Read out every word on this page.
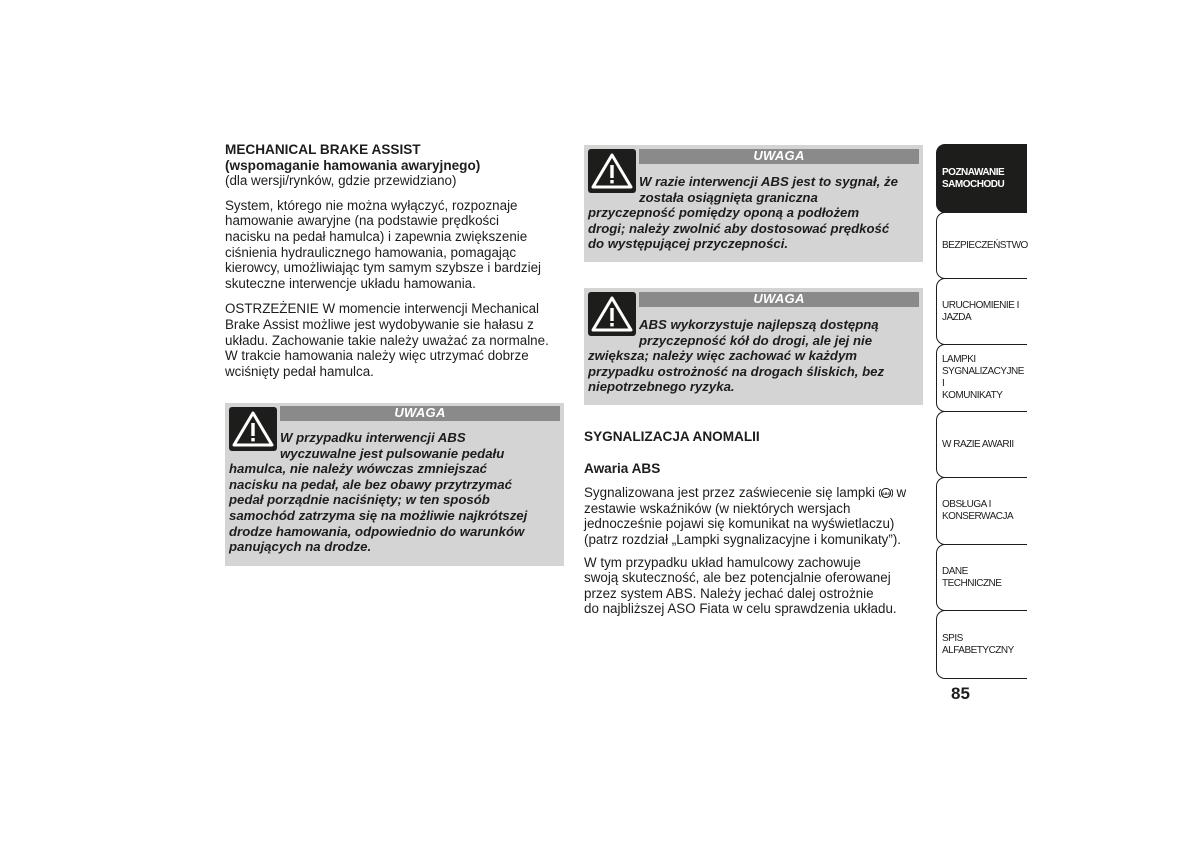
MECHANICAL BRAKE ASSIST

(wspomaganie hamowania awaryjnego)

(dla wersji/rynków, gdzie przewidziano)

System, którego nie można wyłączyć, rozpoznaje

hamowanie awaryjne (na podstawie prędkości

nacisku na pedał hamulca) i zapewnia zwiększenie

ciśnienia hydraulicznego hamowania, pomagając

kierowcy, umożliwiając tym samym szybsze i bardziej

skuteczne interwencje układu hamowania.

OSTRZEŻENIE W momencie interwencji Mechanical

Brake Assist możliwe jest wydobywanie sie hałasu z

układu. Zachowanie takie należy uważać za normalne.

W trakcie hamowania należy więc utrzymać dobrze

wciśnięty pedał hamulca.

UWAGA
W przypadku interwencji ABS
wyczuwalne jest pulsowanie pedału
hamulca, nie należy wówczas zmniejszać
nacisku na pedał, ale bez obawy przytrzymać
pedał porządnie naciśnięty; w ten sposób
samochód zatrzyma się na możliwie najkrótszej
drodze hamowania, odpowiednio do warunków
panujących na drodze.
UWAGA
W razie interwencji ABS jest to sygnał, że
została osiągnięta graniczna
przyczepność pomiędzy oponą a podłożem
drogi; należy zwolnić aby dostosować prędkość
do występującej przyczepności.
UWAGA
ABS wykorzystuje najlepszą dostępną
przyczepność kół do drogi, ale jej nie
zwiększa; należy więc zachować w każdym
przypadku ostrożność na drogach śliskich, bez
niepotrzebnego ryzyka.

SYGNALIZACJA ANOMALII

Awaria ABS

Sygnalizowana jest przez zaświecenie się lampki ABS w

zestawie wskaźników (w niektórych wersjach

jednocześnie pojawi się komunikat na wyświetlaczu)

(patrz rozdział „Lampki sygnalizacyjne i komunikaty”).

W tym przypadku układ hamulcowy zachowuje

swoją skuteczność, ale bez potencjalnie oferowanej

przez system ABS. Należy jechać dalej ostrożnie

do najbliższej ASO Fiata w celu sprawdzenia układu.

POZNAWANIE
SAMOCHODU
BEZPIECZEŃSTWO
URUCHOMIENIE I
JAZDA
LAMPKI
SYGNALIZACYJNE I
KOMUNIKATY
W RAZIE AWARII
OBSŁUGA I
KONSERWACJA
DANE TECHNICZNE
SPIS ALFABETYCZNY
85
